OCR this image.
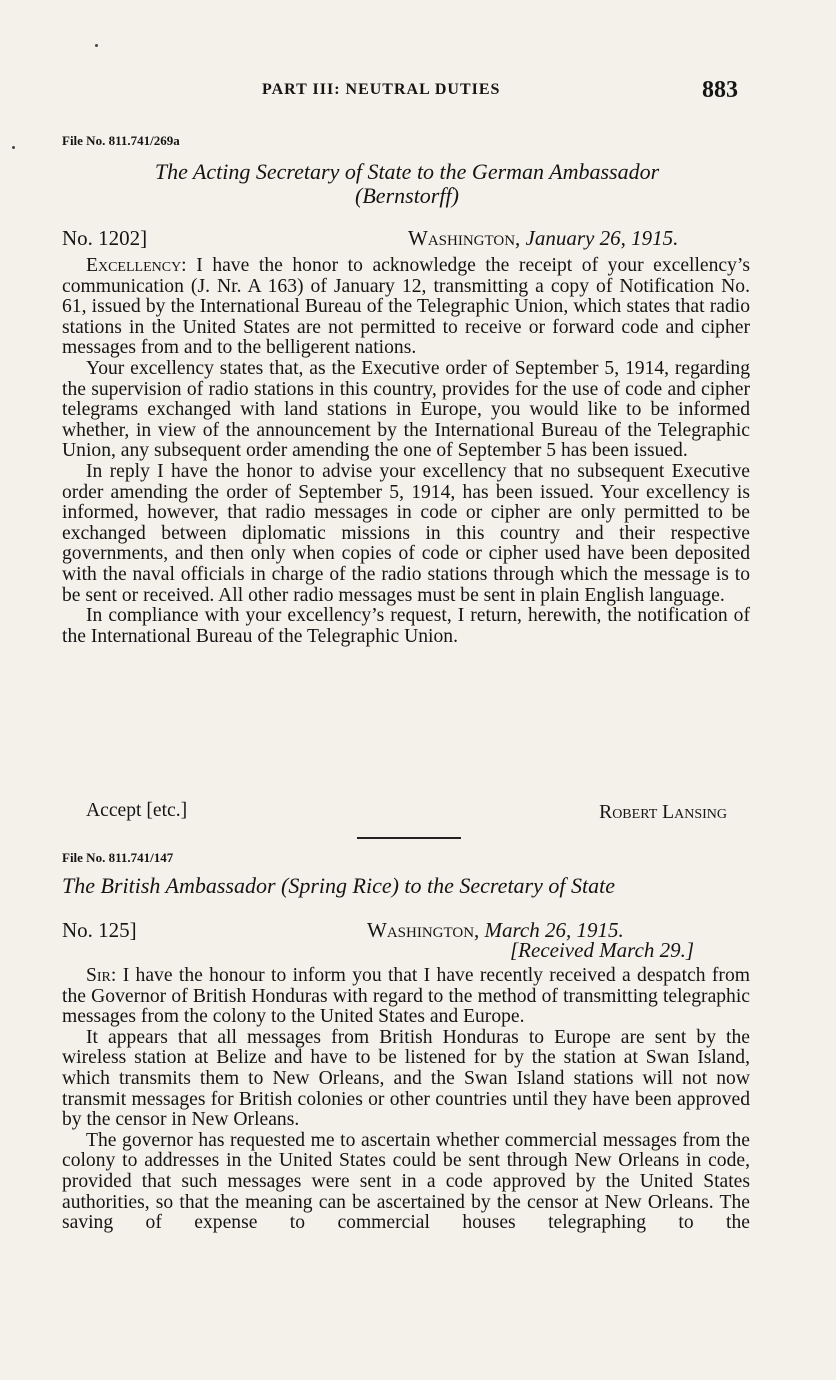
PART III: NEUTRAL DUTIES	883
File No. 811.741/269a
The Acting Secretary of State to the German Ambassador
(Bernstorff)
No. 1202]	Washington, January 26, 1915.

Excellency: I have the honor to acknowledge the receipt of your excellency’s communication (J. Nr. A 163) of January 12, transmitting a copy of Notification No. 61, issued by the International Bureau of the Telegraphic Union, which states that radio stations in the United States are not permitted to receive or forward code and cipher messages from and to the belligerent nations.

Your excellency states that, as the Executive order of September 5, 1914, regarding the supervision of radio stations in this country, provides for the use of code and cipher telegrams exchanged with land stations in Europe, you would like to be informed whether, in view of the announcement by the International Bureau of the Telegraphic Union, any subsequent order amending the one of September 5 has been issued.

In reply I have the honor to advise your excellency that no subsequent Executive order amending the order of September 5, 1914, has been issued. Your excellency is informed, however, that radio messages in code or cipher are only permitted to be exchanged between diplomatic missions in this country and their respective governments, and then only when copies of code or cipher used have been deposited with the naval officials in charge of the radio stations through which the message is to be sent or received. All other radio messages must be sent in plain English language.

In compliance with your excellency’s request, I return, herewith, the notification of the International Bureau of the Telegraphic Union.

Accept [etc.]	Robert Lansing
File No. 811.741/147
The British Ambassador (Spring Rice) to the Secretary of State
No. 125]	Washington, March 26, 1915.
[Received March 29.]

Sir: I have the honour to inform you that I have recently received a despatch from the Governor of British Honduras with regard to the method of transmitting telegraphic messages from the colony to the United States and Europe.

It appears that all messages from British Honduras to Europe are sent by the wireless station at Belize and have to be listened for by the station at Swan Island, which transmits them to New Orleans, and the Swan Island stations will not now transmit messages for British colonies or other countries until they have been approved by the censor in New Orleans.

The governor has requested me to ascertain whether commercial messages from the colony to addresses in the United States could be sent through New Orleans in code, provided that such messages were sent in a code approved by the United States authorities, so that the meaning can be ascertained by the censor at New Orleans. The saving of expense to commercial houses telegraphing to the
